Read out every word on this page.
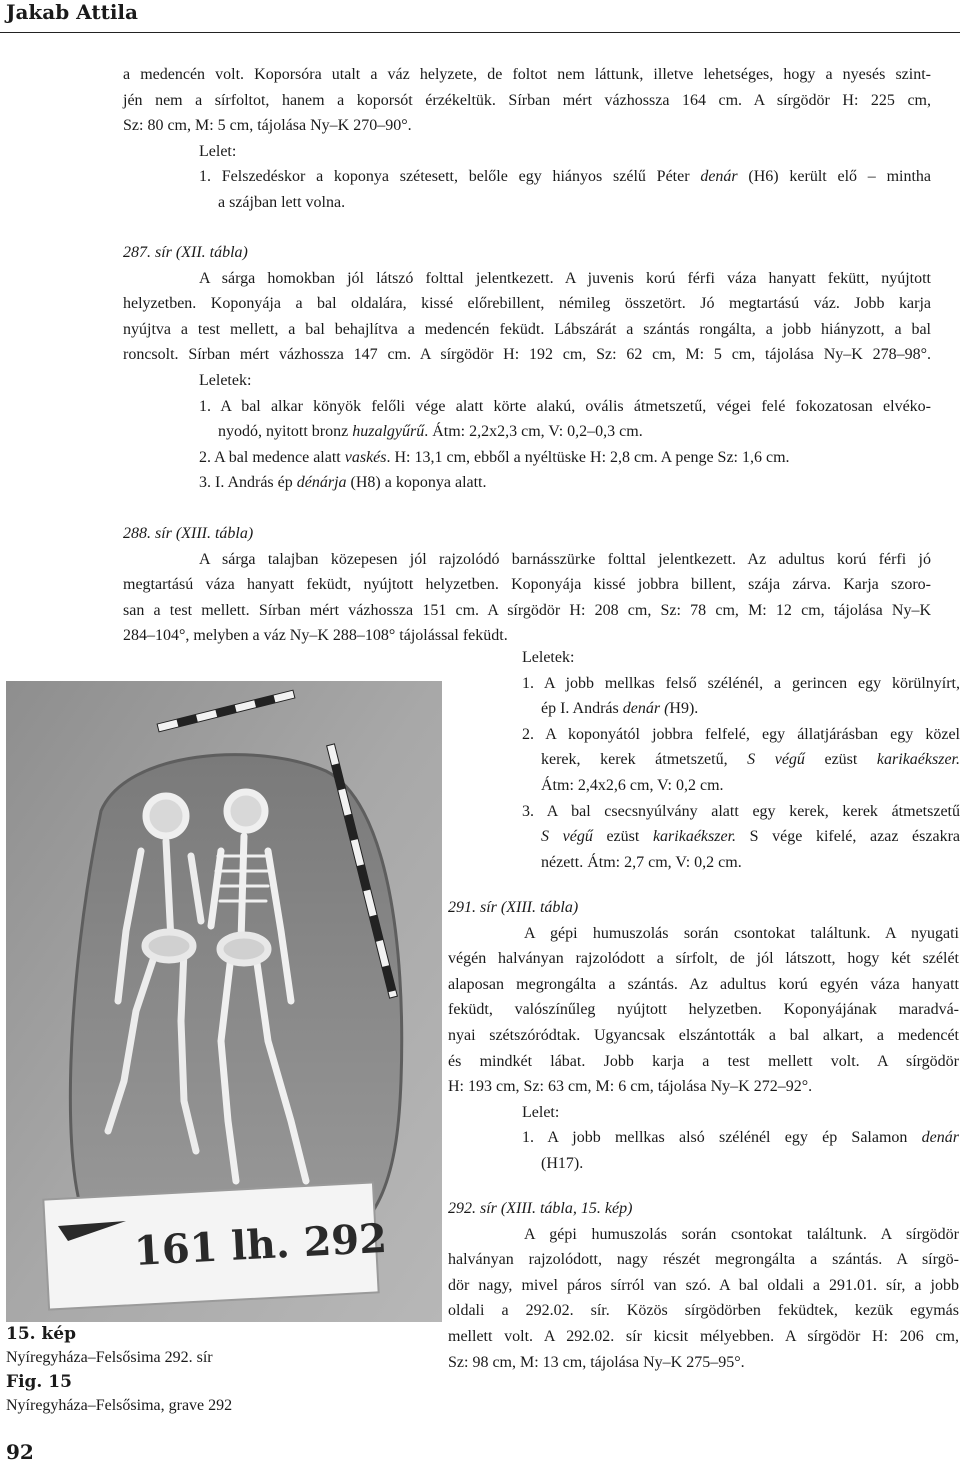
Jakab Attila

a medencén volt. Koporsóra utalt a váz helyzete, de foltot nem láttunk, illetve lehetséges, hogy a nyesés szint-

jén nem a sírfoltot, hanem a koporsót érzékeltük. Sírban mért vázhossza 164 cm. A sírgödör H: 225 cm,

Sz: 80 cm, M: 5 cm, tájolása Ny–K 270–90°.

Lelet:

1. Felszedéskor a koponya szétesett, belőle egy hiányos szélű Péter denár (H6) került elő – mintha

a szájban lett volna.

287. sír (XII. tábla)

A sárga homokban jól látszó folttal jelentkezett. A juvenis korú férfi váza hanyatt fekütt, nyújtott

helyzetben. Koponyája a bal oldalára, kissé előrebillent, némileg összetört. Jó megtartású váz. Jobb karja

nyújtva a test mellett, a bal behajlítva a medencén feküdt. Lábszárát a szántás rongálta, a jobb hiányzott, a bal

roncsolt. Sírban mért vázhossza 147 cm. A sírgödör H: 192 cm, Sz: 62 cm, M: 5 cm, tájolása Ny–K 278–98°.

Leletek:

1. A bal alkar könyök felőli vége alatt körte alakú, ovális átmetszetű, végei felé fokozatosan elvéko-

nyodó, nyitott bronz huzalgyűrű. Átm: 2,2x2,3 cm, V: 0,2–0,3 cm.

2. A bal medence alatt vaskés. H: 13,1 cm, ebből a nyéltüske H: 2,8 cm. A penge Sz: 1,6 cm.

3. I. András ép dénárja (H8) a koponya alatt.

288. sír (XIII. tábla)

A sárga talajban közepesen jól rajzolódó barnásszürke folttal jelentkezett. Az adultus korú férfi jó

megtartású váza hanyatt feküdt, nyújtott helyzetben. Koponyája kissé jobbra billent, szája zárva. Karja szoro-

san a test mellett. Sírban mért vázhossza 151 cm. A sírgödör H: 208 cm, Sz: 78 cm, M: 12 cm, tájolása Ny–K

284–104°, melyben a váz Ny–K 288–108° tájolással feküdt.

Leletek:

1. A jobb mellkas felső szélénél, a gerincen egy körülnyírt,

ép I. András denár (H9).

2. A koponyától jobbra felfelé, egy állatjárásban egy közel

kerek, kerek átmetszetű, S végű ezüst karikaékszer.

Átm: 2,4x2,6 cm, V: 0,2 cm.

3. A bal csecsnyúlvány alatt egy kerek, kerek átmetszetű

S végű ezüst karikaékszer. S vége kifelé, azaz északra

nézett. Átm: 2,7 cm, V: 0,2 cm.

291. sír (XIII. tábla)

A gépi humuszolás során csontokat találtunk. A nyugati

végén halványan rajzolódott a sírfolt, de jól látszott, hogy két szélét

alaposan megrongálta a szántás. Az adultus korú egyén váza hanyatt

feküdt, valószínűleg nyújtott helyzetben. Koponyájának maradvá-

nyai szétszóródtak. Ugyancsak elszántották a bal alkart, a medencét

és mindkét lábat. Jobb karja a test mellett volt. A sírgödör

H: 193 cm, Sz: 63 cm, M: 6 cm, tájolása Ny–K 272–92°.

Lelet:

1. A jobb mellkas alsó szélénél egy ép Salamon denár

(H17).

292. sír (XIII. tábla, 15. kép)

A gépi humuszolás során csontokat találtunk. A sírgödör

halványan rajzolódott, nagy részét megrongálta a szántás. A sírgö-

dör nagy, mivel páros sírról van szó. A bal oldali a 291.01. sír, a jobb

oldali a 292.02. sír. Közös sírgödörben feküdtek, kezük egymás

mellett volt. A 292.02. sír kicsit mélyebben. A sírgödör H: 206 cm,

Sz: 98 cm, M: 13 cm, tájolása Ny–K 275–95°.

161 lh. 292
15. kép
Nyíregyháza–Felsősima 292. sír
Fig. 15
Nyíregyháza–Felsősima, grave 292
92
